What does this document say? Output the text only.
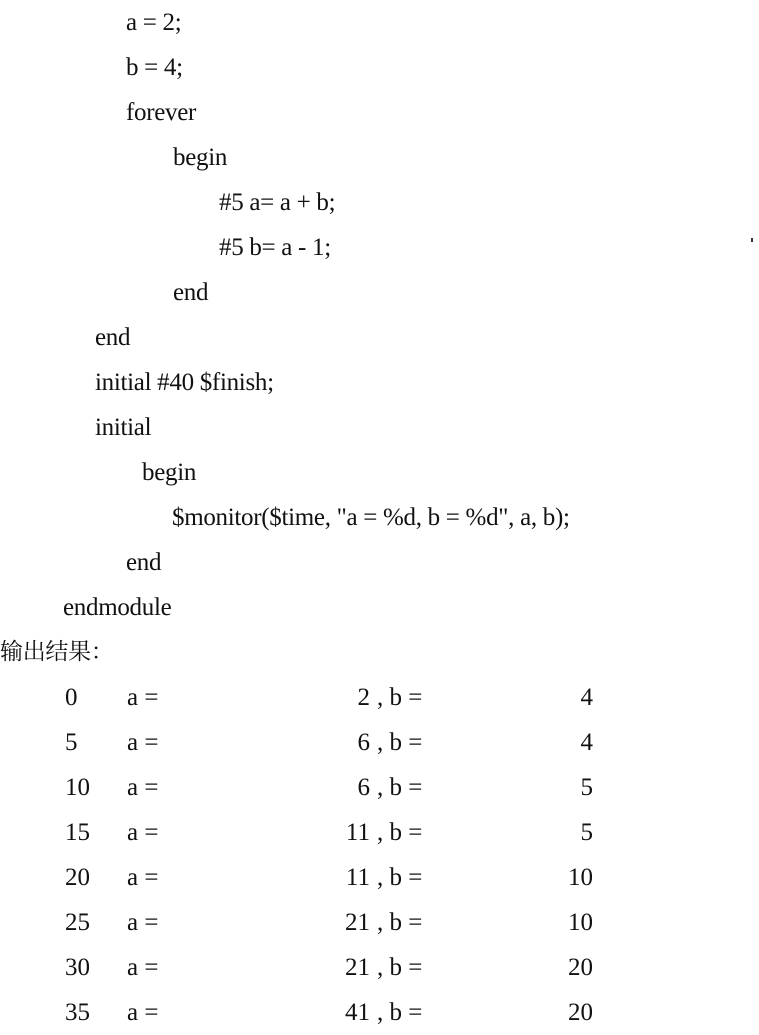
a = 2;
b = 4;
forever
begin
#5 a= a + b;
#5 b= a - 1;
end
end
initial #40 $finish;
initial
begin
$monitor($time, "a = %d, b = %d", a, b);
end
endmodule
输出结果：
0 a =	2 , b =	4
5 a =	6 , b =	4
10 a =	6 , b =	5
15 a =	11 , b =	5
20 a =	11 , b =	10
25 a =	21 , b =	10
30 a =	21 , b =	20
35 a =	41 , b =	20
